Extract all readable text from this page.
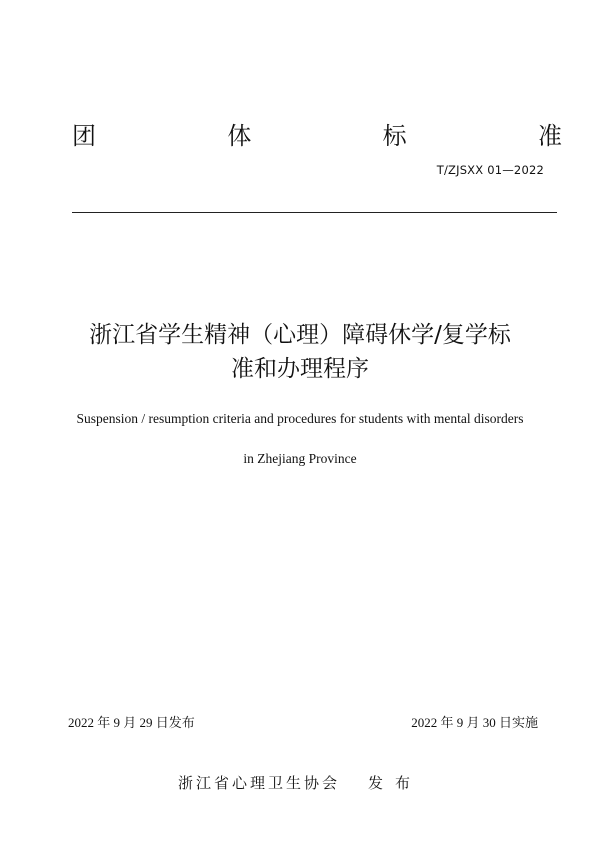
团	体	标	准
T/ZJSXX 01—2022
浙江省学生精神（心理）障碍休学/复学标
准和办理程序
Suspension / resumption criteria and procedures for students with mental disorders
in Zhejiang Province
2022 年 9 月 29 日发布	2022 年 9 月 30 日实施
浙江省心理卫生协会 发布
